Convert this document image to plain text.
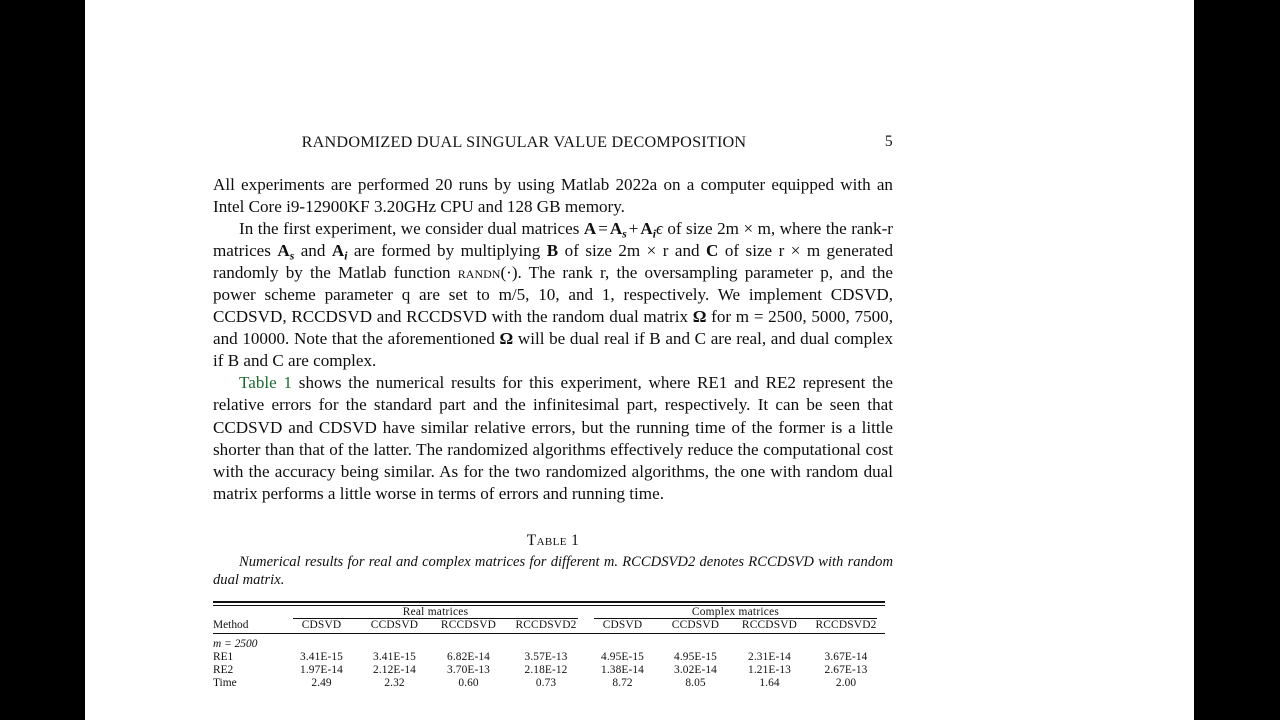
RANDOMIZED DUAL SINGULAR VALUE DECOMPOSITION	5

All experiments are performed 20 runs by using Matlab 2022a on a computer equipped with an Intel Core i9-12900KF 3.20GHz CPU and 128 GB memory.

In the first experiment, we consider dual matrices $A = A_s + A_i\epsilon$ of size 2m × m, where the rank-r matrices $A_s$ and $A_i$ are formed by multiplying B of size 2m × r and C of size r × m generated randomly by the Matlab function randn(·). The rank r, the oversampling parameter p, and the power scheme parameter q are set to m/5, 10, and 1, respectively. We implement CDSVD, CCDSVD, RCCDSVD and RCCDSVD with the random dual matrix Ω for m = 2500, 5000, 7500, and 10000. Note that the aforementioned Ω will be dual real if B and C are real, and dual complex if B and C are complex.

Table 1 shows the numerical results for this experiment, where RE1 and RE2 represent the relative errors for the standard part and the infinitesimal part, respectively. It can be seen that CCDSVD and CDSVD have similar relative errors, but the running time of the former is a little shorter than that of the latter. The randomized algorithms effectively reduce the computational cost with the accuracy being similar. As for the two randomized algorithms, the one with random dual matrix performs a little worse in terms of errors and running time.

Table 1
Numerical results for real and complex matrices for different m. RCCDSVD2 denotes RCCDSVD with random dual matrix.

	Real matrices				Complex matrices			

Method	CDSVD	CCDSVD	RCCDSVD	RCCDSVD2	CDSVD	CCDSVD	RCCDSVD	RCCDSVD2

m = 2500								
RE1	3.41E-15	3.41E-15	6.82E-14	3.57E-13	4.95E-15	4.95E-15	2.31E-14	3.67E-14
RE2	1.97E-14	2.12E-14	3.70E-13	2.18E-12	1.38E-14	3.02E-14	1.21E-13	2.67E-13
Time	2.49	2.32	0.60	0.73	8.72	8.05	1.64	2.00
